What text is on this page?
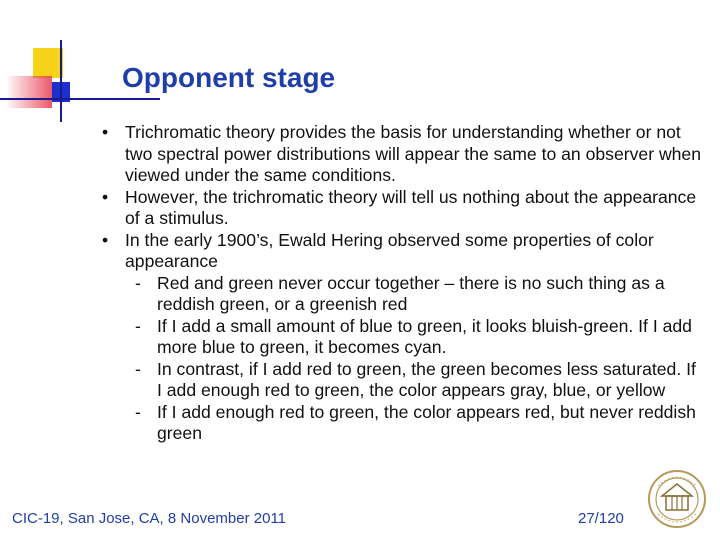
Opponent stage

• Trichromatic theory provides the basis for understanding whether or not two spectral power distributions will appear the same to an observer when viewed under the same conditions.

• However, the trichromatic theory will tell us nothing about the appearance of a stimulus.

• In the early 1900’s, Ewald Hering observed some properties of color appearance

- Red and green never occur together – there is no such thing as a reddish green, or a greenish red

- If I add a small amount of blue to green, it looks bluish-green. If I add more blue to green, it becomes cyan.

- In contrast, if I add red to green, the green becomes less saturated. If I add enough red to green, the color appears gray, blue, or yellow

- If I add enough red to green, the color appears red, but never reddish green

CIC-19, San Jose, CA, 8 November 2011	27/120
